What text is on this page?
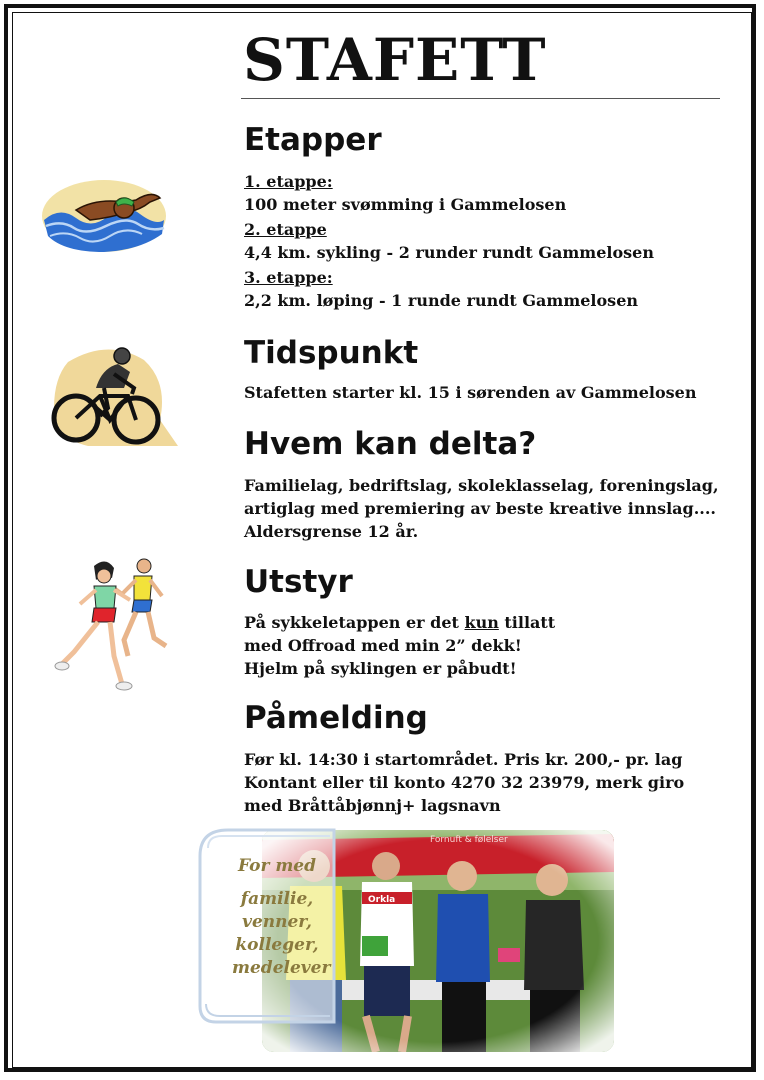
STAFETT
Etapper
1. etappe:
100 meter svømming i Gammelosen
2. etappe
4,4 km. sykling - 2 runder rundt Gammelosen
3. etappe:
2,2 km. løping - 1 runde rundt Gammelosen
Tidspunkt
Stafetten starter kl. 15 i sørenden av Gammelosen
Hvem kan delta?
Familielag, bedriftslag, skoleklasselag, foreningslag,
artiglag med premiering av beste kreative innslag....
Aldersgrense 12 år.
Utstyr
På sykkeletappen er det kun tillatt
med Offroad med min 2” dekk!
Hjelm på syklingen er påbudt!
Påmelding
Før kl. 14:30 i startområdet. Pris kr. 200,- pr. lag
Kontant eller til konto 4270 32 23979, merk giro
med Bråttåbjønnj+ lagsnavn
For med
familie,
venner,
kolleger,
medelever
